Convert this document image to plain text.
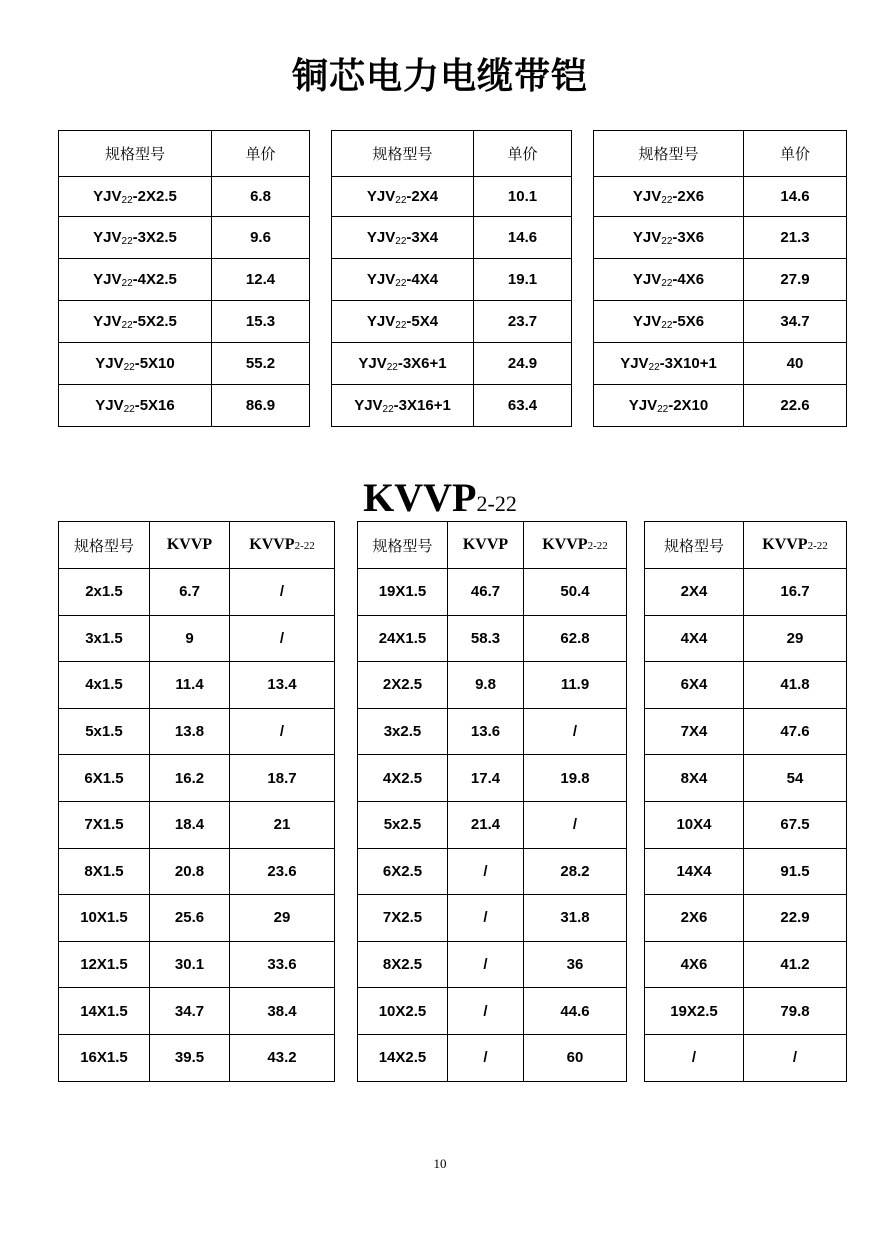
铜芯电力电缆带铠
规格型号	单价		规格型号	单价		规格型号	单价
$YJV_{22}-2X2.5$	6.8		$YJV_{22}-2X4$	10.1		$YJV_{22}-2X6$	14.6
$YJV_{22}-3X2.5$	9.6		$YJV_{22}-3X4$	14.6		$YJV_{22}-3X6$	21.3
$YJV_{22}-4X2.5$	12.4		$YJV_{22}-4X4$	19.1		$YJV_{22}-4X6$	27.9
$YJV_{22}-5X2.5$	15.3		$YJV_{22}-5X4$	23.7		$YJV_{22}-5X6$	34.7
$YJV_{22}-5X10$	55.2		$YJV_{22}-3X6+1$	24.9		$YJV_{22}-3X10+1$	40
$YJV_{22}-5X16$	86.9		$YJV_{22}-3X16+1$	63.4		$YJV_{22}-2X10$	22.6
KVVP2-22
规格型号	KVVP	KVVP2-22		规格型号	KVVP	KVVP2-22		规格型号	KVVP2-22
2x1.5	6.7	/		19X1.5	46.7	50.4		2X4	16.7
3x1.5	9	/		24X1.5	58.3	62.8		4X4	29
4x1.5	11.4	13.4		2X2.5	9.8	11.9		6X4	41.8
5x1.5	13.8	/		3x2.5	13.6	/		7X4	47.6
6X1.5	16.2	18.7		4X2.5	17.4	19.8		8X4	54
7X1.5	18.4	21		5x2.5	21.4	/		10X4	67.5
8X1.5	20.8	23.6		6X2.5	/	28.2		14X4	91.5
10X1.5	25.6	29		7X2.5	/	31.8		2X6	22.9
12X1.5	30.1	33.6		8X2.5	/	36		4X6	41.2
14X1.5	34.7	38.4		10X2.5	/	44.6		19X2.5	79.8
16X1.5	39.5	43.2		14X2.5	/	60		/	/
10
